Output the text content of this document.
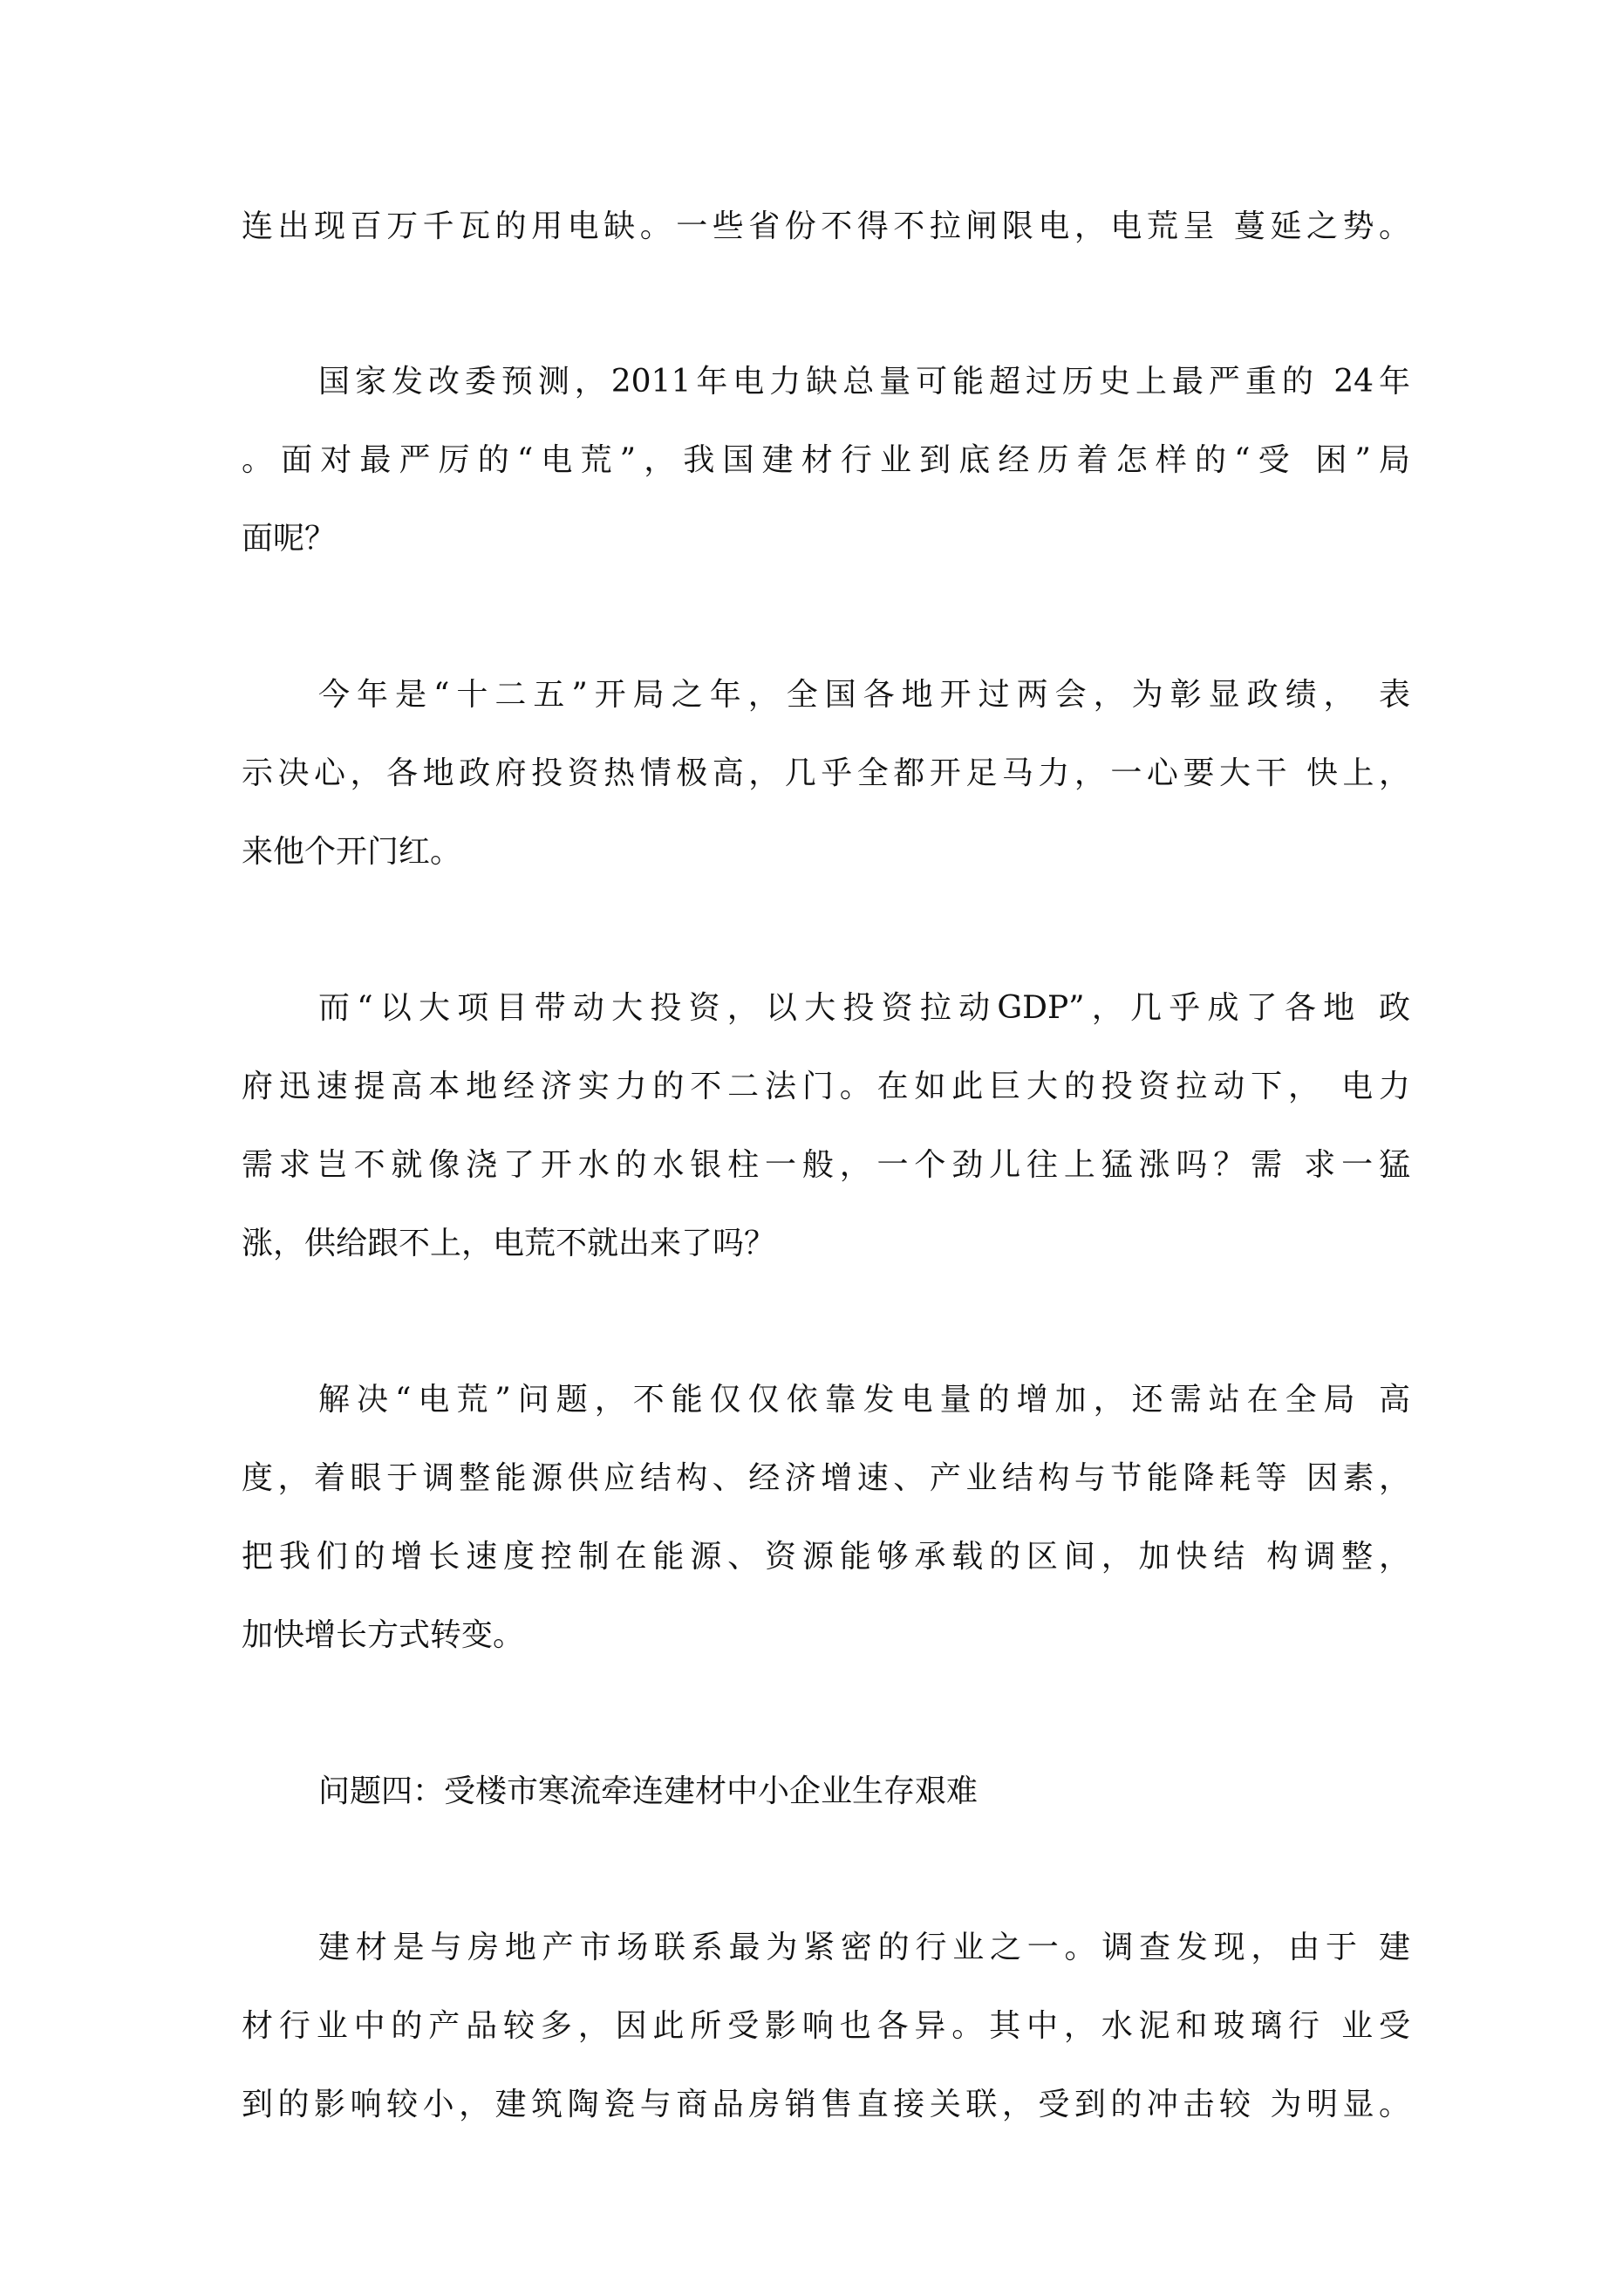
连出现百万千瓦的用电缺。一些省份不得不拉闸限电，电荒呈 蔓延之势。
国家发改委预测，2011年电力缺总量可能超过历史上最严重的 24年
。面对最严厉的“电荒”，我国建材行业到底经历着怎样的“受 困”局
面呢？
今年是“十二五”开局之年，全国各地开过两会，为彰显政绩， 表
示决心，各地政府投资热情极高，几乎全都开足马力，一心要大干 快上，
来他个开门红。
而“以大项目带动大投资，以大投资拉动GDP”，几乎成了各地 政
府迅速提高本地经济实力的不二法门。在如此巨大的投资拉动下， 电力
需求岂不就像浇了开水的水银柱一般，一个劲儿往上猛涨吗？需 求一猛
涨，供给跟不上，电荒不就出来了吗？
解决“电荒”问题，不能仅仅依靠发电量的增加，还需站在全局 高
度，着眼于调整能源供应结构、经济增速、产业结构与节能降耗等 因素，
把我们的增长速度控制在能源、资源能够承载的区间，加快结 构调整，
加快增长方式转变。
问题四：受楼市寒流牵连建材中小企业生存艰难
建材是与房地产市场联系最为紧密的行业之一。调查发现，由于 建
材行业中的产品较多，因此所受影响也各异。其中，水泥和玻璃行 业受
到的影响较小，建筑陶瓷与商品房销售直接关联，受到的冲击较 为明显。
